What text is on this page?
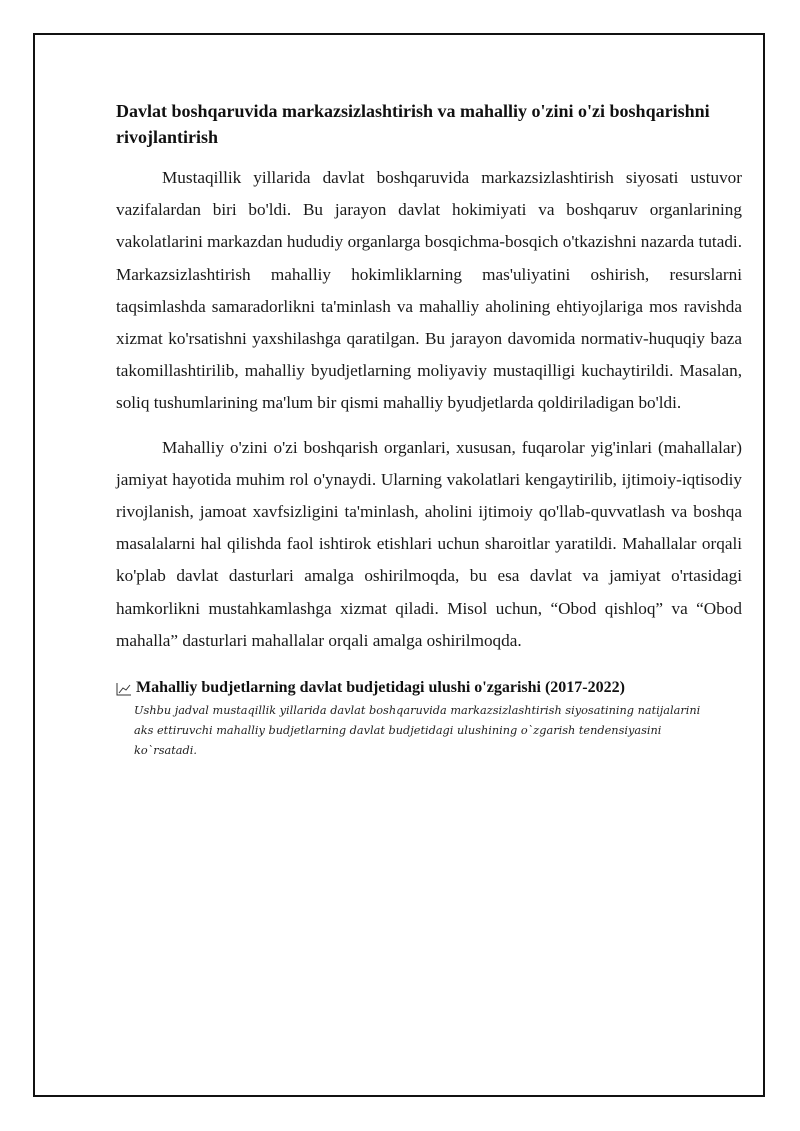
Davlat boshqaruvida markazsizlashtirish va mahalliy o'zini o'zi boshqarishni rivojlantirish

Mustaqillik yillarida davlat boshqaruvida markazsizlashtirish siyosati ustuvor vazifalardan biri bo'ldi. Bu jarayon davlat hokimiyati va boshqaruv organlarining vakolatlarini markazdan hududiy organlarga bosqichma-bosqich o'tkazishni nazarda tutadi. Markazsizlashtirish mahalliy hokimliklarning mas'uliyatini oshirish, resurslarni taqsimlashda samaradorlikni ta'minlash va mahalliy aholining ehtiyojlariga mos ravishda xizmat ko'rsatishni yaxshilashga qaratilgan. Bu jarayon davomida normativ-huquqiy baza takomillashtirilib, mahalliy byudjetlarning moliyaviy mustaqilligi kuchaytirildi. Masalan, soliq tushumlarining ma'lum bir qismi mahalliy byudjetlarda qoldiriladigan bo'ldi.

Mahalliy o'zini o'zi boshqarish organlari, xususan, fuqarolar yig'inlari (mahallalar) jamiyat hayotida muhim rol o'ynaydi. Ularning vakolatlari kengaytirilib, ijtimoiy-iqtisodiy rivojlanish, jamoat xavfsizligini ta'minlash, aholini ijtimoiy qo'llab-quvvatlash va boshqa masalalarni hal qilishda faol ishtirok etishlari uchun sharoitlar yaratildi. Mahallalar orqali ko'plab davlat dasturlari amalga oshirilmoqda, bu esa davlat va jamiyat o'rtasidagi hamkorlikni mustahkamlashga xizmat qiladi. Misol uchun, “Obod qishloq” va “Obod mahalla” dasturlari mahallalar orqali amalga oshirilmoqda.

Mahalliy budjetlarning davlat budjetidagi ulushi o'zgarishi (2017-2022)
Ushbu jadval mustaqillik yillarida davlat boshqaruvida markazsizlashtirish siyosatining natijalarini aks ettiruvchi mahalliy budjetlarning davlat budjetidagi ulushining o`zgarish tendensiyasini ko`rsatadi.
